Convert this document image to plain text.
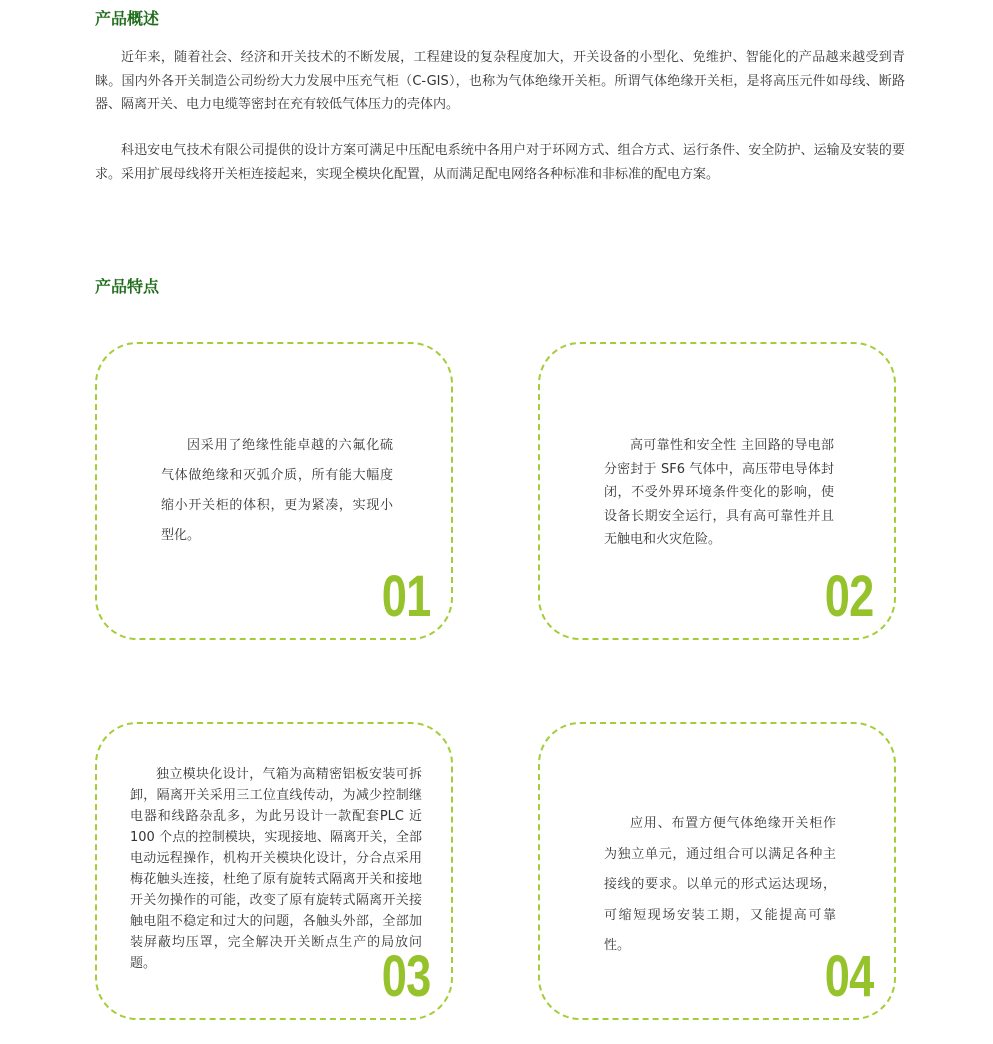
产品概述

近年来，随着社会、经济和开关技术的不断发展，工程建设的复杂程度加大，开关设备的小型化、免维护、智能化的产品越来越受到青睐。国内外各开关制造公司纷纷大力发展中压充气柜（C-GIS），也称为气体绝缘开关柜。所谓气体绝缘开关柜，是将高压元件如母线、断路器、隔离开关、电力电缆等密封在充有较低气体压力的壳体内。

科迅安电气技术有限公司提供的设计方案可满足中压配电系统中各用户对于环网方式、组合方式、运行条件、安全防护、运输及安装的要求。采用扩展母线将开关柜连接起来，实现全模块化配置，从而满足配电网络各种标准和非标准的配电方案。

产品特点

因采用了绝缘性能卓越的六氟化硫气体做绝缘和灭弧介质，所有能大幅度缩小开关柜的体积，更为紧凑，实现小型化。

01

高可靠性和安全性 主回路的导电部分密封于 SF6 气体中，高压带电导体封闭，不受外界环境条件变化的影响，使设备长期安全运行，具有高可靠性并且无触电和火灾危险。

02

独立模块化设计，气箱为高精密铝板安装可拆卸，隔离开关采用三工位直线传动，为减少控制继电器和线路杂乱多，为此另设计一款配套PLC 近 100 个点的控制模块，实现接地、隔离开关，全部电动远程操作，机构开关模块化设计，分合点采用梅花触头连接，杜绝了原有旋转式隔离开关和接地开关勿操作的可能，改变了原有旋转式隔离开关接触电阻不稳定和过大的问题，各触头外部，全部加装屏蔽均压罩，完全解决开关断点生产的局放问题。	03

应用、布置方便气体绝缘开关柜作为独立单元，通过组合可以满足各种主接线的要求。以单元的形式运达现场，可缩短现场安装工期，又能提高可靠性。	04
